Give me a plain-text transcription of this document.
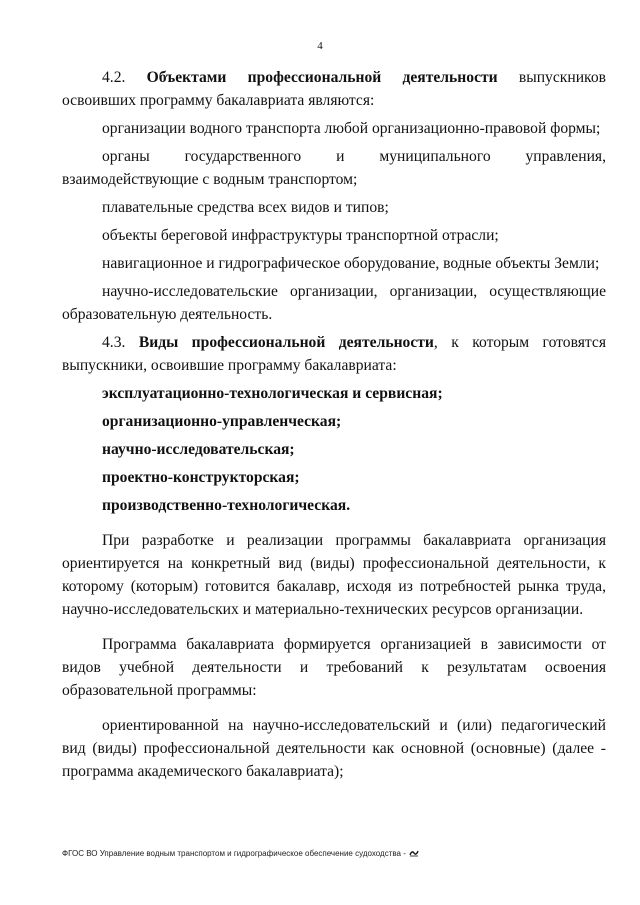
4

4.2. Объектами профессиональной деятельности выпускников освоивших программу бакалавриата являются:

организации водного транспорта любой организационно-правовой формы;

органы государственного и муниципального управления, взаимодействующие с водным транспортом;

плавательные средства всех видов и типов;

объекты береговой инфраструктуры транспортной отрасли;

навигационное и гидрографическое оборудование, водные объекты Земли;

научно-исследовательские организации, организации, осуществляющие образовательную деятельность.

4.3. Виды профессиональной деятельности, к которым готовятся выпускники, освоившие программу бакалавриата:

эксплуатационно-технологическая и сервисная;

организационно-управленческая;

научно-исследовательская;

проектно-конструкторская;

производственно-технологическая.

При разработке и реализации программы бакалавриата организация ориентируется на конкретный вид (виды) профессиональной деятельности, к которому (которым) готовится бакалавр, исходя из потребностей рынка труда, научно-исследовательских и материально-технических ресурсов организации.

Программа бакалавриата формируется организацией в зависимости от видов учебной деятельности и требований к результатам освоения образовательной программы:

ориентированной на научно-исследовательский и (или) педагогический вид (виды) профессиональной деятельности как основной (основные) (далее - программа академического бакалавриата);

ФГОС ВО Управление водным транспортом и гидрографическое обеспечение судоходства -
